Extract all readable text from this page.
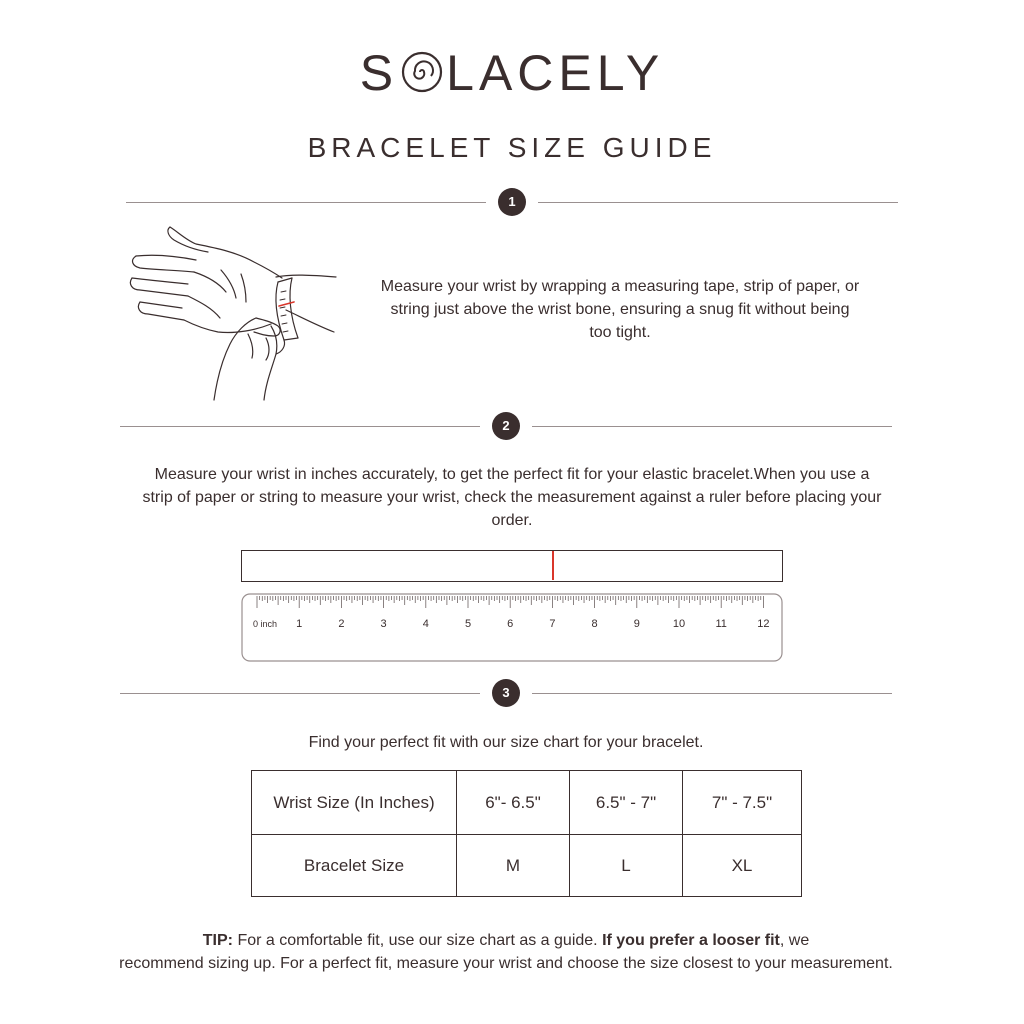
S LACELY
BRACELET SIZE GUIDE
1
Measure your wrist by wrapping a measuring tape, strip of paper, or string just above the wrist bone, ensuring a snug fit without being too tight.
2
Measure your wrist in inches accurately, to get the perfect fit for your elastic bracelet.When you use a strip of paper or string to measure your wrist, check the measurement against a ruler before placing your order.
0 inch 1	2	3	4	5	6	7	8	9	10	11	12
3
Find your perfect fit with our size chart for your bracelet.
Wrist Size (In Inches)	6"- 6.5"	6.5" - 7"	7" - 7.5"
Bracelet Size	M	L	XL
TIP: For a comfortable fit, use our size chart as a guide. If you prefer a looser fit, we
recommend sizing up. For a perfect fit, measure your wrist and choose the size closest to your measurement.
